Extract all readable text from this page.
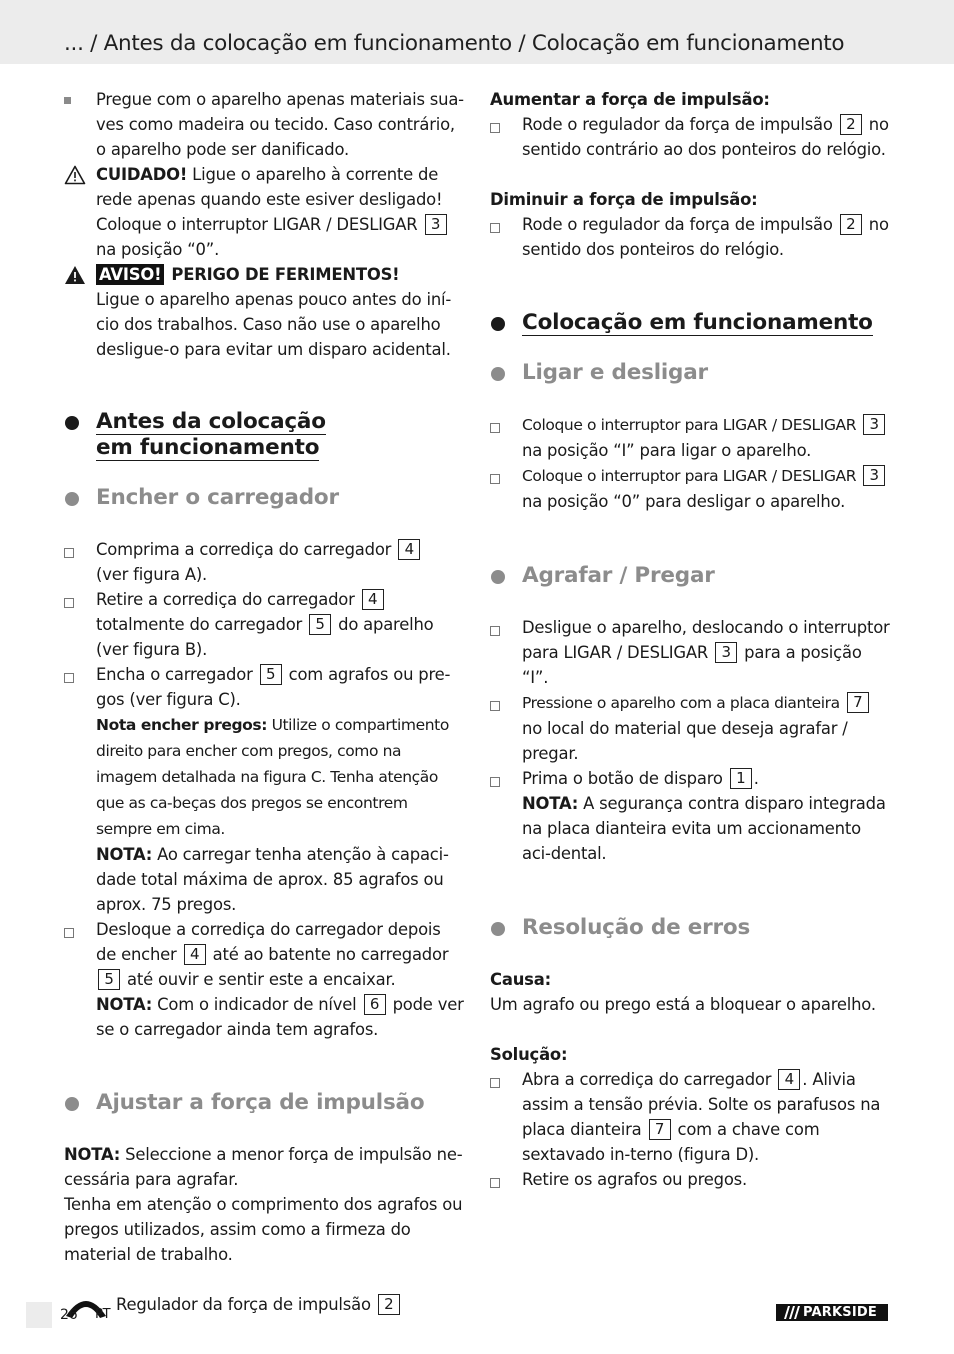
... / Antes da colocação em funcionamento / Colocação em funcionamento
Pregue com o aparelho apenas materiais sua-ves como madeira ou tecido. Caso contrário, o aparelho pode ser danificado.
CUIDADO! Ligue o aparelho à corrente de rede apenas quando este esiver desligado! Coloque o interruptor LIGAR / DESLIGAR 3 na posição “0”.
AVISO! PERIGO DE FERIMENTOS!
Ligue o aparelho apenas pouco antes do iní-cio dos trabalhos. Caso não use o aparelho desligue-o para evitar um disparo acidental.
Antes da colocação
em funcionamento
Encher o carregador
Comprima a corrediça do carregador 4
(ver figura A).
Retire a corrediça do carregador 4 totalmente do carregador 5 do aparelho (ver figura B).
Encha o carregador 5 com agrafos ou pre-gos (ver figura C).
Nota encher pregos: Utilize o compartimento direito para encher com pregos, como na imagem detalhada na figura C. Tenha atenção que as ca-beças dos pregos se encontrem sempre em cima.
NOTA: Ao carregar tenha atenção à capaci-dade total máxima de aprox. 85 agrafos ou aprox. 75 pregos.
Desloque a corrediça do carregador depois de encher 4 até ao batente no carregador 5 até ouvir e sentir este a encaixar.
NOTA: Com o indicador de nível 6 pode ver se o carregador ainda tem agrafos.
Ajustar a força de impulsão
NOTA: Seleccione a menor força de impulsão ne-cessária para agrafar.
Tenha em atenção o comprimento dos agrafos ou pregos utilizados, assim como a firmeza do material de trabalho.
Regulador da força de impulsão 2
Aumentar a força de impulsão:
Rode o regulador da força de impulsão 2 no sentido contrário ao dos ponteiros do relógio.
Diminuir a força de impulsão:
Rode o regulador da força de impulsão 2 no sentido dos ponteiros do relógio.
Colocação em funcionamento
Ligar e desligar
Coloque o interruptor para LIGAR / DESLIGAR 3
na posição “I” para ligar o aparelho.
Coloque o interruptor para LIGAR / DESLIGAR 3
na posição “0” para desligar o aparelho.
Agrafar / Pregar
Desligue o aparelho, deslocando o interruptor para LIGAR / DESLIGAR 3 para a posição “I”.
Pressione o aparelho com a placa dianteira 7 no local do material que deseja agrafar / pregar.
Prima o botão de disparo 1 .
NOTA: A segurança contra disparo integrada na placa dianteira evita um accionamento aci-dental.
Resolução de erros
Causa:
Um agrafo ou prego está a bloquear o aparelho.
Solução:
Abra a corrediça do carregador 4 . Alivia assim a tensão prévia. Solte os parafusos na placa dianteira 7 com a chave com sextavado in-terno (figura D).
Retire os agrafos ou pregos.
26 PT	PARKSIDE
